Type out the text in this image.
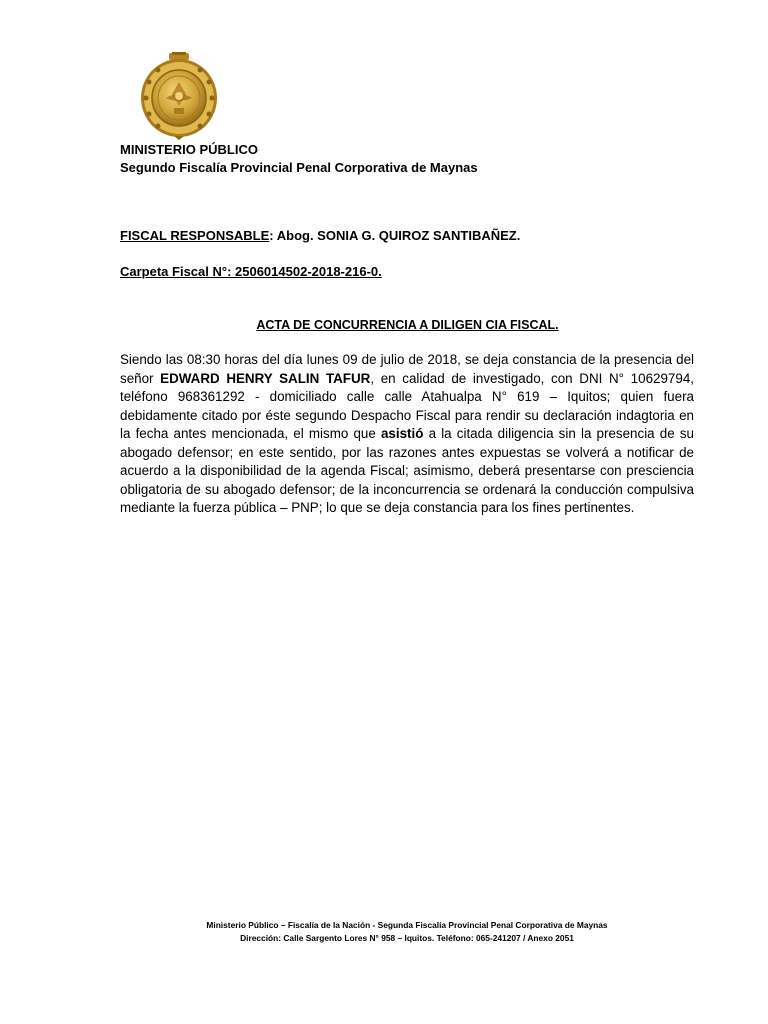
MINISTERIO PÚBLICO
Segundo Fiscalía Provincial Penal Corporativa de Maynas
FISCAL RESPONSABLE: Abog. SONIA G. QUIROZ SANTIBAÑEZ.
Carpeta Fiscal N°: 2506014502-2018-216-0.
ACTA DE CONCURRENCIA A DILIGEN CIA FISCAL.
Siendo las 08:30 horas del día lunes 09 de julio de 2018, se deja constancia de la presencia del señor EDWARD HENRY SALIN TAFUR, en calidad de investigado, con DNI N° 10629794, teléfono 968361292 - domiciliado calle calle Atahualpa N° 619 – Iquitos; quien fuera debidamente citado por éste segundo Despacho Fiscal para rendir su declaración indagtoria en la fecha antes mencionada, el mismo que asistió a la citada diligencia sin la presencia de su abogado defensor; en este sentido, por las razones antes expuestas se volverá a notificar de acuerdo a la disponibilidad de la agenda Fiscal; asimismo, deberá presentarse con presciencia obligatoria de su abogado defensor; de la inconcurrencia se ordenará la conducción compulsiva mediante la fuerza pública – PNP; lo que se deja constancia para los fines pertinentes.
Ministerio Público – Fiscalía de la Nación - Segunda Fiscalía Provincial Penal Corporativa de Maynas
Dirección: Calle Sargento Lores N° 958 – Iquitos. Teléfono: 065-241207 / Anexo 2051
